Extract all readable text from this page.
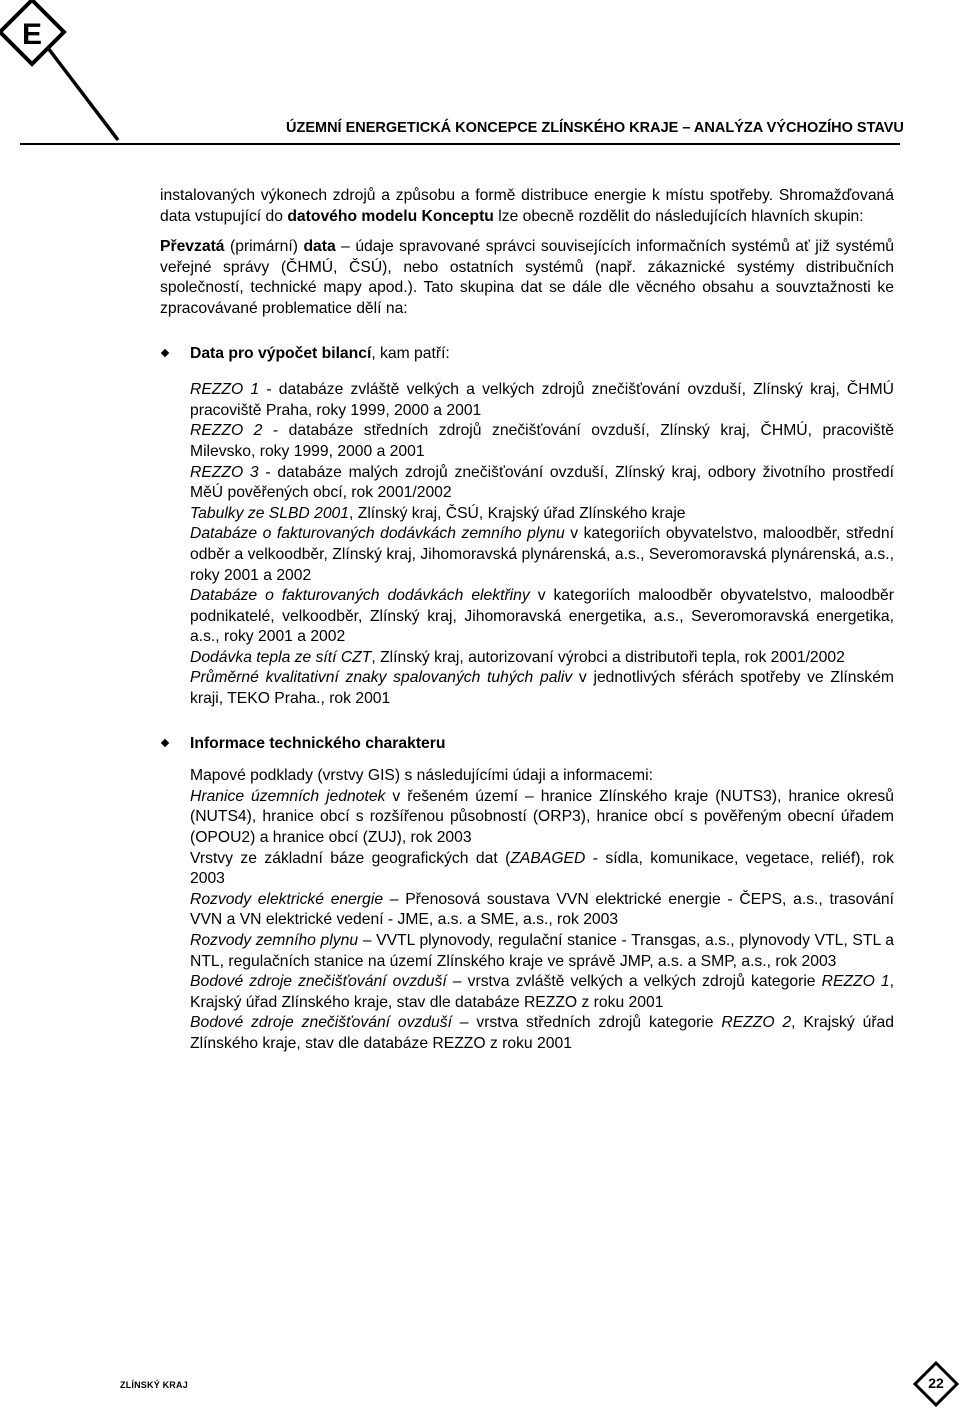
E
ÚZEMNÍ ENERGETICKÁ KONCEPCE ZLÍNSKÉHO KRAJE – ANALÝZA VÝCHOZÍHO STAVU

instalovaných výkonech zdrojů a způsobu a formě distribuce energie k místu spotřeby. Shromažďovaná data vstupující do datového modelu Konceptu lze obecně rozdělit do následujících hlavních skupin:

Převzatá (primární) data – údaje spravované správci souvisejících informačních systémů ať již systémů veřejné správy (ČHMÚ, ČSÚ), nebo ostatních systémů (např. zákaznické systémy distribučních společností, technické mapy apod.). Tato skupina dat se dále dle věcného obsahu a souvztažnosti ke zpracovávané problematice dělí na:

Data pro výpočet bilancí, kam patří:

REZZO 1 - databáze zvláště velkých a velkých zdrojů znečišťování ovzduší, Zlínský kraj, ČHMÚ pracoviště Praha, roky 1999, 2000 a 2001

REZZO 2 - databáze středních zdrojů znečišťování ovzduší, Zlínský kraj, ČHMÚ, pracoviště Milevsko, roky 1999, 2000 a 2001

REZZO 3 - databáze malých zdrojů znečišťování ovzduší, Zlínský kraj, odbory životního prostředí MěÚ pověřených obcí, rok 2001/2002

Tabulky ze SLBD 2001, Zlínský kraj, ČSÚ, Krajský úřad Zlínského kraje

Databáze o fakturovaných dodávkách zemního plynu v kategoriích obyvatelstvo, maloodběr, střední odběr a velkoodběr, Zlínský kraj, Jihomoravská plynárenská, a.s., Severomoravská plynárenská, a.s., roky 2001 a 2002

Databáze o fakturovaných dodávkách elektřiny v kategoriích maloodběr obyvatelstvo, maloodběr podnikatelé, velkoodběr, Zlínský kraj, Jihomoravská energetika, a.s., Severomoravská energetika, a.s., roky 2001 a 2002

Dodávka tepla ze sítí CZT, Zlínský kraj, autorizovaní výrobci a distributoři tepla, rok 2001/2002

Průměrné kvalitativní znaky spalovaných tuhých paliv v jednotlivých sférách spotřeby ve Zlínském kraji, TEKO Praha., rok 2001

Informace technického charakteru

Mapové podklady (vrstvy GIS) s následujícími údaji a informacemi:

Hranice územních jednotek v řešeném území – hranice Zlínského kraje (NUTS3), hranice okresů (NUTS4), hranice obcí s rozšířenou působností (ORP3), hranice obcí s pověřeným obecní úřadem (OPOU2) a hranice obcí (ZUJ), rok 2003

Vrstvy ze základní báze geografických dat (ZABAGED - sídla, komunikace, vegetace, reliéf), rok 2003

Rozvody elektrické energie – Přenosová soustava VVN elektrické energie - ČEPS, a.s., trasování VVN a VN elektrické vedení - JME, a.s. a SME, a.s., rok 2003

Rozvody zemního plynu – VVTL plynovody, regulační stanice - Transgas, a.s., plynovody VTL, STL a NTL, regulačních stanice na území Zlínského kraje ve správě JMP, a.s. a SMP, a.s., rok 2003

Bodové zdroje znečišťování ovzduší – vrstva zvláště velkých a velkých zdrojů kategorie REZZO 1, Krajský úřad Zlínského kraje, stav dle databáze REZZO z roku 2001

Bodové zdroje znečišťování ovzduší – vrstva středních zdrojů kategorie REZZO 2, Krajský úřad Zlínského kraje, stav dle databáze REZZO z roku 2001

ZLÍNSKÝ KRAJ	22
